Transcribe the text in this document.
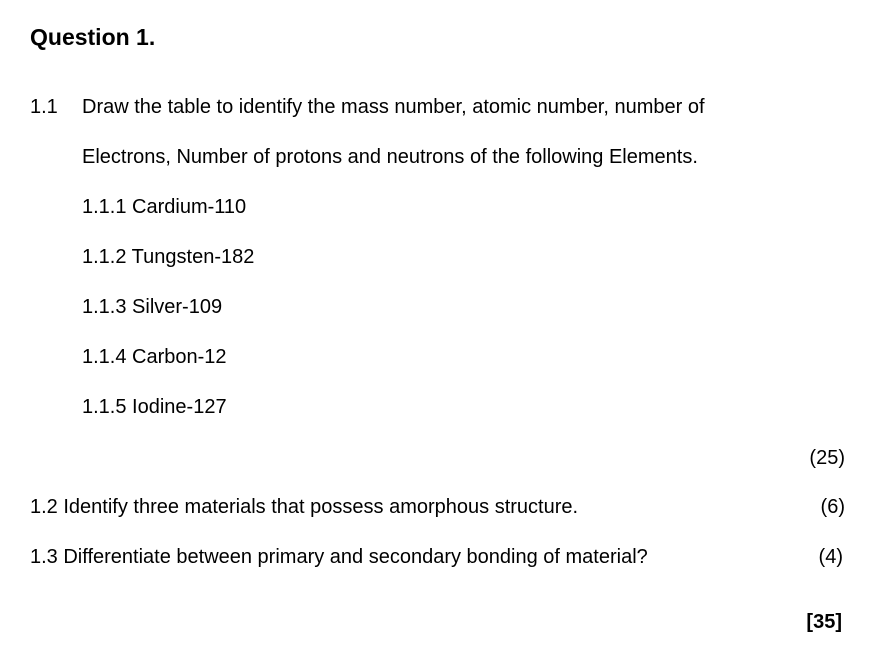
Question 1.
1.1 Draw the table to identify the mass number, atomic number, number of
Electrons, Number of protons and neutrons of the following Elements.
1.1.1 Cardium-110
1.1.2 Tungsten-182
1.1.3 Silver-109
1.1.4 Carbon-12
1.1.5 Iodine-127
(25)
1.2 Identify three materials that possess amorphous structure.	(6)
1.3 Differentiate between primary and secondary bonding of material?	(4)
[35]
